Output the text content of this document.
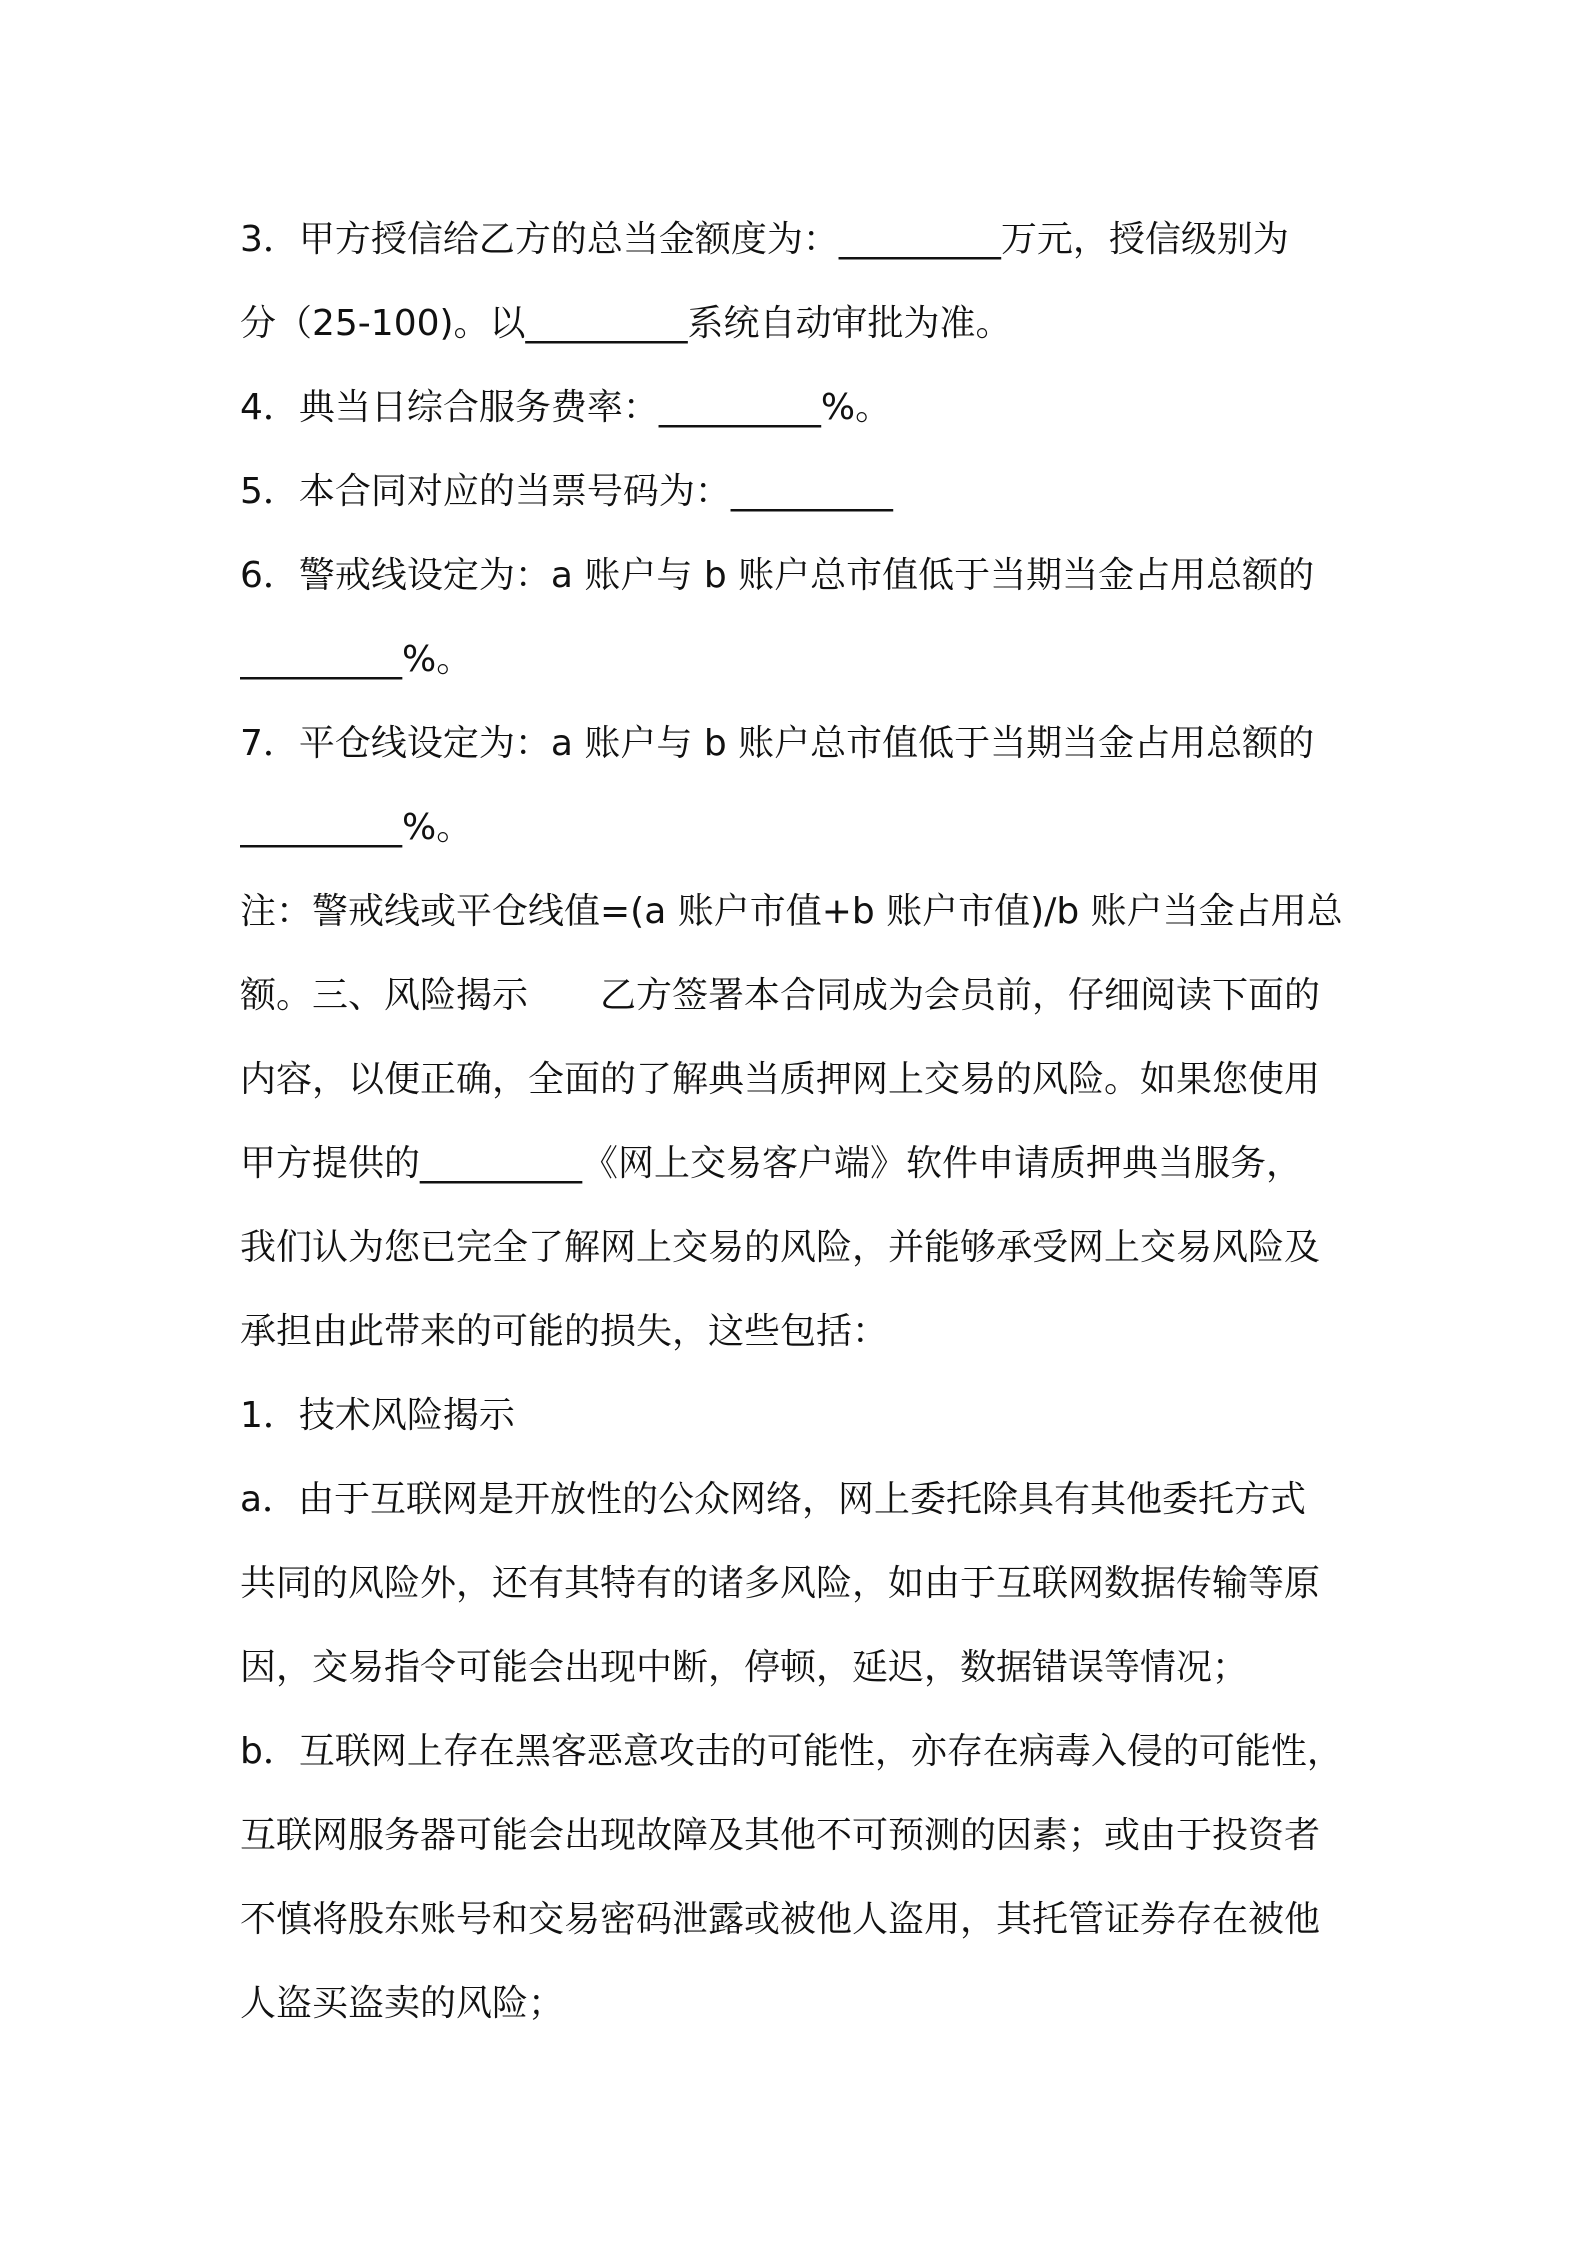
3．甲方授信给乙方的总当金额度为：_________万元，授信级别为
分（25-100)。以_________系统自动审批为准。
4．典当日综合服务费率：_________%。
5．本合同对应的当票号码为：_________
6．警戒线设定为：a 账户与 b 账户总市值低于当期当金占用总额的
_________%。
7．平仓线设定为：a 账户与 b 账户总市值低于当期当金占用总额的
_________%。
注：警戒线或平仓线值=(a 账户市值+b 账户市值)/b 账户当金占用总
额。三、风险揭示　　乙方签署本合同成为会员前，仔细阅读下面的
内容，以便正确，全面的了解典当质押网上交易的风险。如果您使用
甲方提供的_________《网上交易客户端》软件申请质押典当服务，
我们认为您已完全了解网上交易的风险，并能够承受网上交易风险及
承担由此带来的可能的损失，这些包括：
1．技术风险揭示
a．由于互联网是开放性的公众网络，网上委托除具有其他委托方式
共同的风险外，还有其特有的诸多风险，如由于互联网数据传输等原
因，交易指令可能会出现中断，停顿，延迟，数据错误等情况；
b．互联网上存在黑客恶意攻击的可能性，亦存在病毒入侵的可能性，
互联网服务器可能会出现故障及其他不可预测的因素；或由于投资者
不慎将股东账号和交易密码泄露或被他人盗用，其托管证券存在被他
人盗买盗卖的风险；
